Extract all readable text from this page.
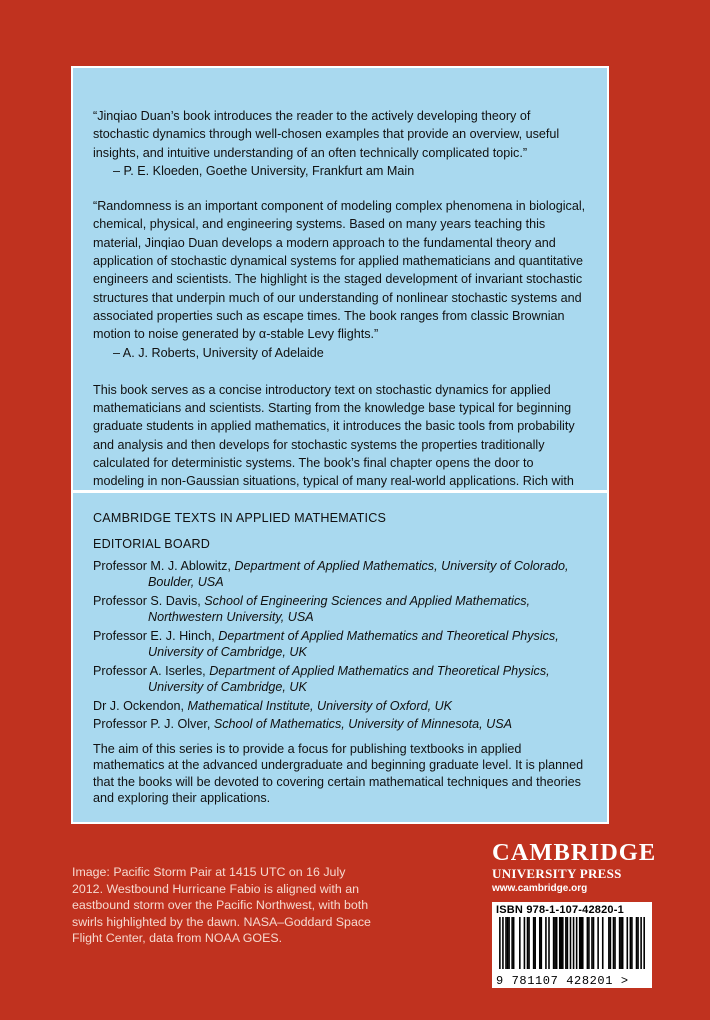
“Jinqiao Duan’s book introduces the reader to the actively developing theory of stochastic dynamics through well-chosen examples that provide an overview, useful insights, and intuitive understanding of an often technically complicated topic.”

– P. E. Kloeden, Goethe University, Frankfurt am Main

“Randomness is an important component of modeling complex phenomena in biological, chemical, physical, and engineering systems. Based on many years teaching this material, Jinqiao Duan develops a modern approach to the fundamental theory and application of stochastic dynamical systems for applied mathematicians and quantitative engineers and scientists. The highlight is the staged development of invariant stochastic structures that underpin much of our understanding of nonlinear stochastic systems and associated properties such as escape times. The book ranges from classic Brownian motion to noise generated by α-stable Levy flights.”

– A. J. Roberts, University of Adelaide

This book serves as a concise introductory text on stochastic dynamics for applied mathematicians and scientists. Starting from the knowledge base typical for beginning graduate students in applied mathematics, it introduces the basic tools from probability and analysis and then develops for stochastic systems the properties traditionally calculated for deterministic systems. The book’s final chapter opens the door to modeling in non-Gaussian situations, typical of many real-world applications. Rich with

CAMBRIDGE TEXTS IN APPLIED MATHEMATICS
EDITORIAL BOARD
Professor M. J. Ablowitz, Department of Applied Mathematics, University of Colorado, Boulder, USA
Professor S. Davis, School of Engineering Sciences and Applied Mathematics, Northwestern University, USA
Professor E. J. Hinch, Department of Applied Mathematics and Theoretical Physics, University of Cambridge, UK
Professor A. Iserles, Department of Applied Mathematics and Theoretical Physics, University of Cambridge, UK
Dr J. Ockendon, Mathematical Institute, University of Oxford, UK
Professor P. J. Olver, School of Mathematics, University of Minnesota, USA

The aim of this series is to provide a focus for publishing textbooks in applied mathematics at the advanced undergraduate and beginning graduate level. It is planned that the books will be devoted to covering certain mathematical techniques and theories and exploring their applications.

Image: Pacific Storm Pair at 1415 UTC on 16 July 2012. Westbound Hurricane Fabio is aligned with an eastbound storm over the Pacific Northwest, with both swirls highlighted by the dawn. NASA–Goddard Space Flight Center, data from NOAA GOES.
CAMBRIDGE
UNIVERSITY PRESS
www.cambridge.org
ISBN 978-1-107-42820-1
9 781107 428201 >
